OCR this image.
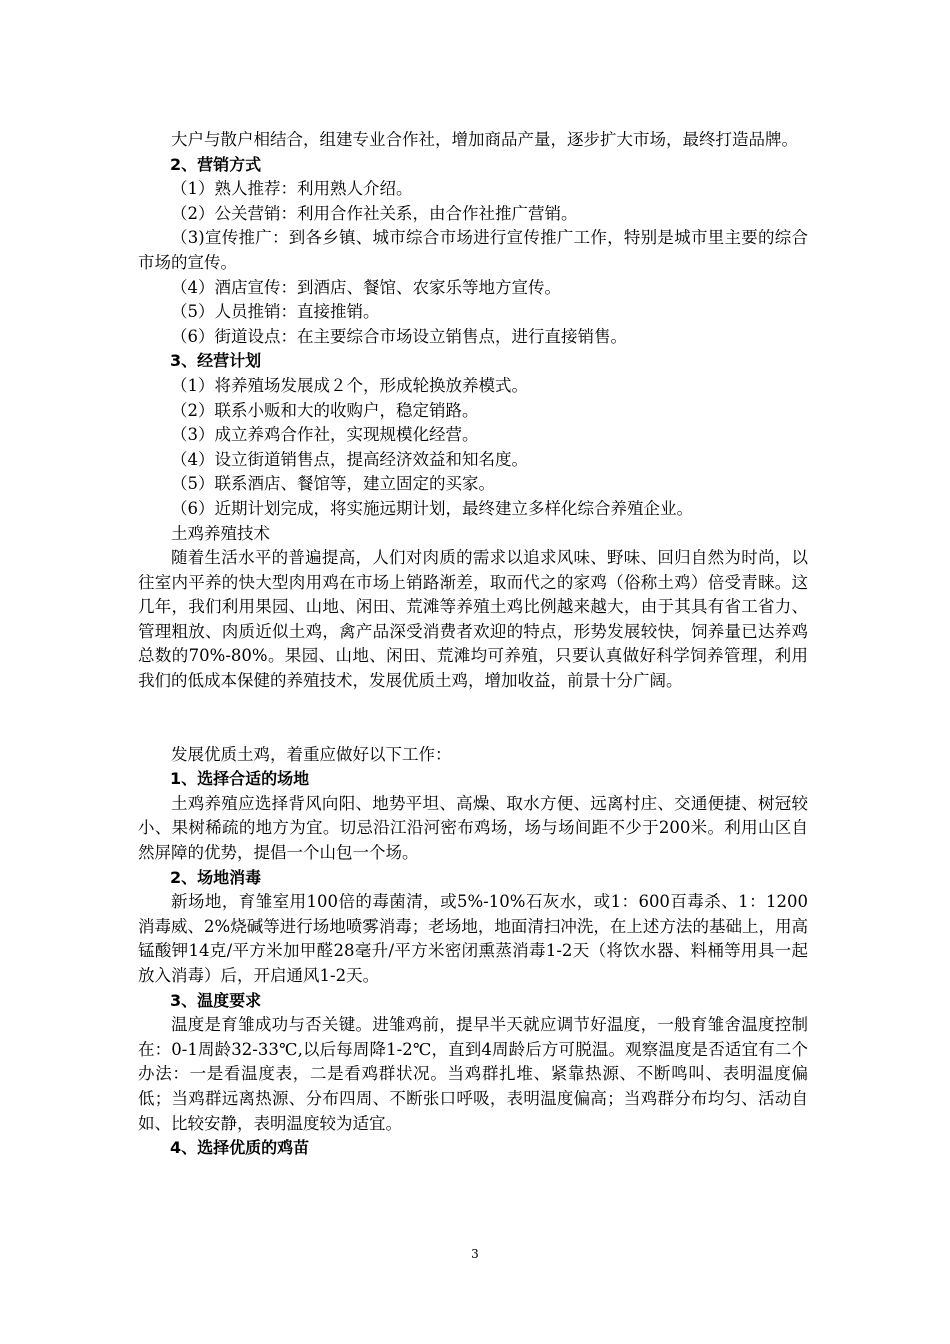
大户与散户相结合，组建专业合作社，增加商品产量，逐步扩大市场，最终打造品牌。

2、营销方式

（1）熟人推荐：利用熟人介绍。

（2）公关营销：利用合作社关系，由合作社推广营销。

（3)宣传推广：到各乡镇、城市综合市场进行宣传推广工作，特别是城市里主要的综合市场的宣传。

（4）酒店宣传：到酒店、餐馆、农家乐等地方宣传。

（5）人员推销：直接推销。

（6）街道设点：在主要综合市场设立销售点，进行直接销售。

3、经营计划

（1）将养殖场发展成２个，形成轮换放养模式。

（2）联系小贩和大的收购户，稳定销路。

（3）成立养鸡合作社，实现规模化经营。

（4）设立街道销售点，提高经济效益和知名度。

（5）联系酒店、餐馆等，建立固定的买家。

（6）近期计划完成，将实施远期计划，最终建立多样化综合养殖企业。

土鸡养殖技术

随着生活水平的普遍提高，人们对肉质的需求以追求风味、野味、回归自然为时尚，以往室内平养的快大型肉用鸡在市场上销路渐差，取而代之的家鸡（俗称土鸡）倍受青睐。这几年，我们利用果园、山地、闲田、荒滩等养殖土鸡比例越来越大，由于其具有省工省力、管理粗放、肉质近似土鸡，禽产品深受消费者欢迎的特点，形势发展较快，饲养量已达养鸡总数的70%-80%。果园、山地、闲田、荒滩均可养殖，只要认真做好科学饲养管理，利用我们的低成本保健的养殖技术，发展优质土鸡，增加收益，前景十分广阔。

发展优质土鸡，着重应做好以下工作：

1、选择合适的场地

土鸡养殖应选择背风向阳、地势平坦、高燥、取水方便、远离村庄、交通便捷、树冠较小、果树稀疏的地方为宜。切忌沿江沿河密布鸡场，场与场间距不少于200米。利用山区自然屏障的优势，提倡一个山包一个场。

2、场地消毒

新场地，育雏室用100倍的毒菌清，或5%-10%石灰水，或1：600百毒杀、1：1200消毒威、2%烧碱等进行场地喷雾消毒；老场地，地面清扫冲洗，在上述方法的基础上，用高锰酸钾14克/平方米加甲醛28毫升/平方米密闭熏蒸消毒1-2天（将饮水器、料桶等用具一起放入消毒）后，开启通风1-2天。

3、温度要求

温度是育雏成功与否关键。进雏鸡前，提早半天就应调节好温度，一般育雏舍温度控制在：0-1周龄32-33℃,以后每周降1-2℃，直到4周龄后方可脱温。观察温度是否适宜有二个办法：一是看温度表，二是看鸡群状况。当鸡群扎堆、紧靠热源、不断鸣叫、表明温度偏低；当鸡群远离热源、分布四周、不断张口呼吸，表明温度偏高；当鸡群分布均匀、活动自如、比较安静，表明温度较为适宜。

4、选择优质的鸡苗

3
